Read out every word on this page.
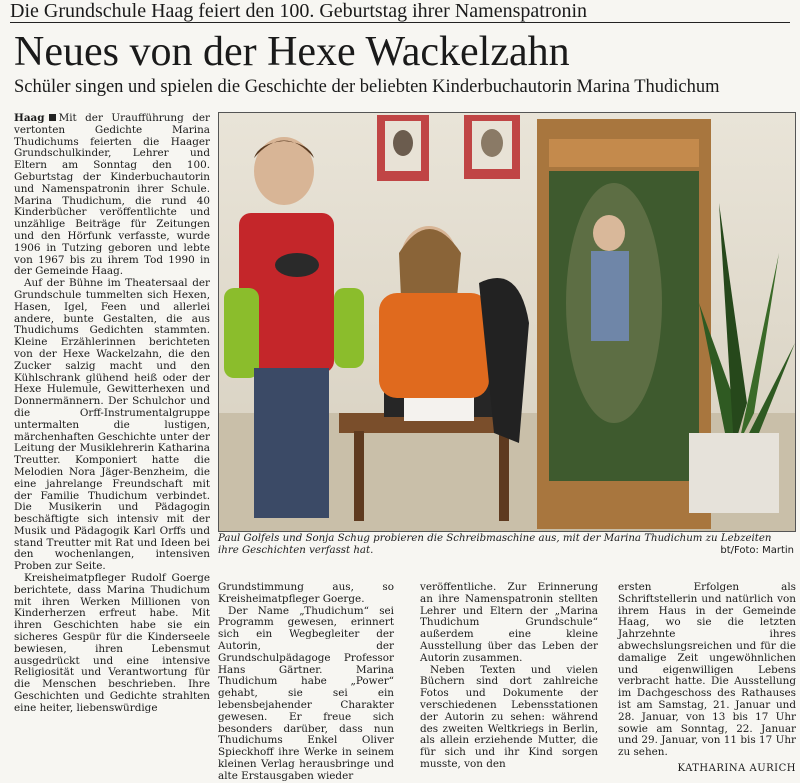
Die Grundschule Haag feiert den 100. Geburtstag ihrer Namenspatronin
Neues von der Hexe Wackelzahn
Schüler singen und spielen die Geschichte der beliebten Kinderbuchautorin Marina Thudichum

Haag Mit der Uraufführung der vertonten Gedichte Marina Thudichums feierten die Haager Grundschulkinder, Lehrer und Eltern am Sonntag den 100. Geburtstag der Kinderbuchautorin und Namenspatronin ihrer Schule. Marina Thudichum, die rund 40 Kinderbücher veröffentlichte und unzählige Beiträge für Zeitungen und den Hörfunk verfasste, wurde 1906 in Tutzing geboren und lebte von 1967 bis zu ihrem Tod 1990 in der Gemeinde Haag.

Auf der Bühne im Theatersaal der Grundschule tummelten sich Hexen, Hasen, Igel, Feen und allerlei andere, bunte Gestalten, die aus Thudichums Gedichten stammten. Kleine Erzählerinnen berichteten von der Hexe Wackelzahn, die den Zucker salzig macht und den Kühlschrank glühend heiß oder der Hexe Hulemule, Gewitterhexen und Donnermännern. Der Schulchor und die Orff-Instrumentalgruppe untermalten die lustigen, märchenhaften Geschichte unter der Leitung der Musiklehrerin Katharina Treutter. Komponiert hatte die Melodien Nora Jäger-Benzheim, die eine jahrelange Freundschaft mit der Familie Thudichum verbindet. Die Musikerin und Pädagogin beschäftigte sich intensiv mit der Musik und Pädagogik Karl Orffs und stand Treutter mit Rat und Ideen bei den wochenlangen, intensiven Proben zur Seite.

Kreisheimatpfleger Rudolf Goerge berichtete, dass Marina Thudichum mit ihren Werken Millionen von Kinderherzen erfreut habe. Mit ihren Geschichten habe sie ein sicheres Gespür für die Kinderseele bewiesen, ihren Lebensmut ausgedrückt und eine intensive Religiosität und Verantwortung für die Menschen beschrieben. Ihre Geschichten und Gedichte strahlten eine heiter, liebenswürdige

Paul Golfels und Sonja Schug probieren die Schreibmaschine aus, mit der Marina Thudichum zu Lebzeiten ihre Geschichten verfasst hat.	bt/Foto: Martin

Grundstimmung aus, so Kreisheimatpfleger Goerge.

Der Name „Thudichum“ sei Programm gewesen, erinnert sich ein Wegbegleiter der Autorin, der Grundschulpädagoge Professor Hans Gärtner. Marina Thudichum habe „Power“ gehabt, sie sei ein lebensbejahender Charakter gewesen. Er freue sich besonders darüber, dass nun Thudichums Enkel Oliver Spieckhoff ihre Werke in seinem kleinen Verlag herausbringe und alte Erstausgaben wieder

veröffentliche. Zur Erinnerung an ihre Namenspatronin stellten Lehrer und Eltern der „Marina Thudichum Grundschule“ außerdem eine kleine Ausstellung über das Leben der Autorin zusammen.

Neben Texten und vielen Büchern sind dort zahlreiche Fotos und Dokumente der verschiedenen Lebensstationen der Autorin zu sehen: während des zweiten Weltkriegs in Berlin, als allein erziehende Mutter, die für sich und ihr Kind sorgen musste, von den

ersten Erfolgen als Schriftstellerin und natürlich von ihrem Haus in der Gemeinde Haag, wo sie die letzten Jahrzehnte ihres abwechslungsreichen und für die damalige Zeit ungewöhnlichen und eigenwilligen Lebens verbracht hatte. Die Ausstellung im Dachgeschoss des Rathauses ist am Samstag, 21. Januar und 28. Januar, von 13 bis 17 Uhr sowie am Sonntag, 22. Januar und 29. Januar, von 11 bis 17 Uhr zu sehen.

KATHARINA AURICH
